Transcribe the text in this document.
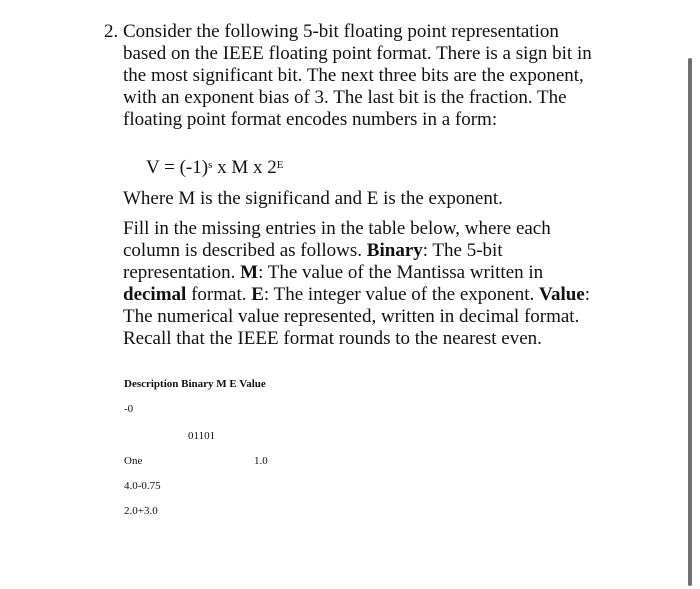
2. Consider the following 5-bit floating point representation based on the IEEE floating point format. There is a sign bit in the most significant bit. The next three bits are the exponent, with an exponent bias of 3. The last bit is the fraction. The floating point format encodes numbers in a form:

$V = (-1)^s$ x M x $2^E$

Where M is the significand and E is the exponent.

Fill in the missing entries in the table below, where each column is described as follows. Binary: The 5-bit representation. M: The value of the Mantissa written in decimal format. E: The integer value of the exponent. Value: The numerical value represented, written in decimal format. Recall that the IEEE format rounds to the nearest even.

Description Binary M E Value
-0
01101
One	1.0
4.0-0.75
2.0+3.0
